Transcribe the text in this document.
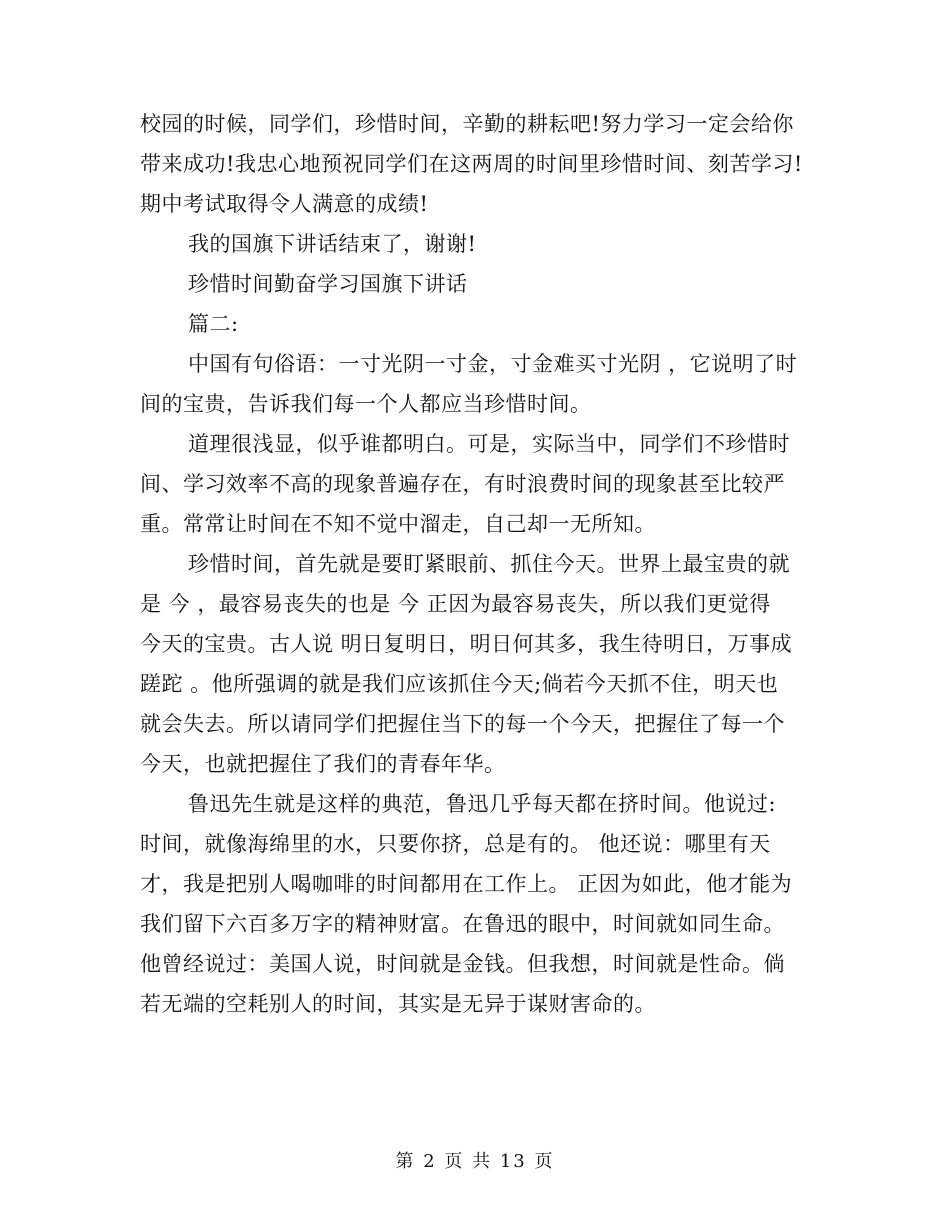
校园的时候，同学们，珍惜时间，辛勤的耕耘吧!努力学习一定会给你
带来成功!我忠心地预祝同学们在这两周的时间里珍惜时间、刻苦学习!
期中考试取得令人满意的成绩!
我的国旗下讲话结束了，谢谢!
珍惜时间勤奋学习国旗下讲话
篇二:
中国有句俗语：一寸光阴一寸金，寸金难买寸光阴 ，它说明了时
间的宝贵，告诉我们每一个人都应当珍惜时间。
道理很浅显，似乎谁都明白。可是，实际当中，同学们不珍惜时
间、学习效率不高的现象普遍存在，有时浪费时间的现象甚至比较严
重。常常让时间在不知不觉中溜走，自己却一无所知。
珍惜时间，首先就是要盯紧眼前、抓住今天。世界上最宝贵的就
是 今 ，最容易丧失的也是 今 正因为最容易丧失，所以我们更觉得
今天的宝贵。古人说 明日复明日，明日何其多，我生待明日，万事成
蹉跎 。他所强调的就是我们应该抓住今天;倘若今天抓不住，明天也
就会失去。所以请同学们把握住当下的每一个今天，把握住了每一个
今天，也就把握住了我们的青春年华。
鲁迅先生就是这样的典范，鲁迅几乎每天都在挤时间。他说过:
时间，就像海绵里的水，只要你挤，总是有的。 他还说：哪里有天
才，我是把别人喝咖啡的时间都用在工作上。 正因为如此，他才能为
我们留下六百多万字的精神财富。在鲁迅的眼中，时间就如同生命。
他曾经说过：美国人说，时间就是金钱。但我想，时间就是性命。倘
若无端的空耗别人的时间，其实是无异于谋财害命的。
第 2 页 共 13 页
